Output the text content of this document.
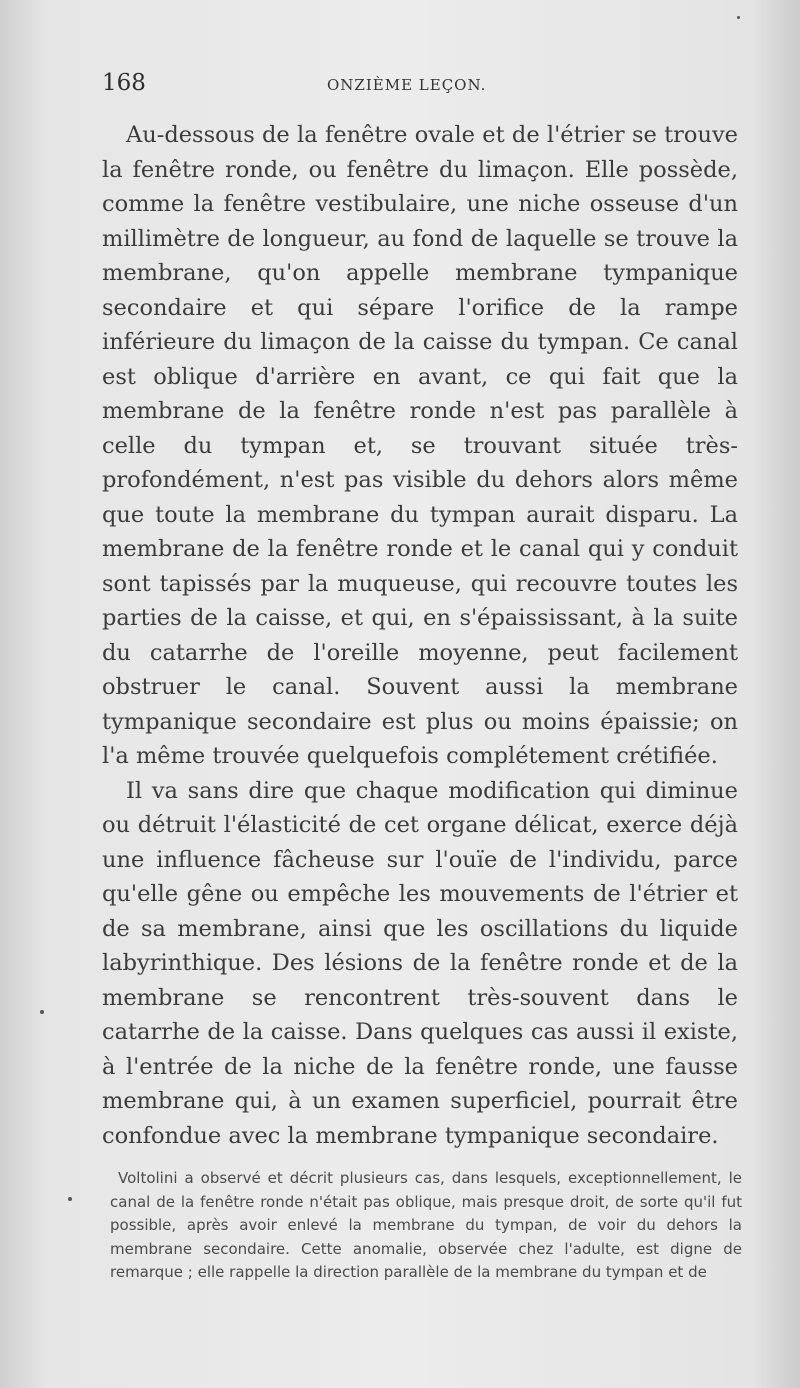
168	ONZIÈME LEÇON.

Au-dessous de la fenêtre ovale et de l'étrier se trouve la fenêtre ronde, ou fenêtre du limaçon. Elle possède, comme la fenêtre vestibulaire, une niche osseuse d'un millimètre de longueur, au fond de laquelle se trouve la membrane, qu'on appelle membrane tympanique secondaire et qui sépare l'orifice de la rampe inférieure du limaçon de la caisse du tympan. Ce canal est oblique d'arrière en avant, ce qui fait que la membrane de la fenêtre ronde n'est pas parallèle à celle du tympan et, se trouvant située très-profondément, n'est pas visible du dehors alors même que toute la membrane du tympan aurait disparu. La membrane de la fenêtre ronde et le canal qui y conduit sont tapissés par la muqueuse, qui recouvre toutes les parties de la caisse, et qui, en s'épaississant, à la suite du catarrhe de l'oreille moyenne, peut facilement obstruer le canal. Souvent aussi la membrane tympanique secondaire est plus ou moins épaissie; on l'a même trouvée quelquefois complétement crétifiée.

Il va sans dire que chaque modification qui diminue ou détruit l'élasticité de cet organe délicat, exerce déjà une influence fâcheuse sur l'ouïe de l'individu, parce qu'elle gêne ou empêche les mouvements de l'étrier et de sa membrane, ainsi que les oscillations du liquide labyrinthique. Des lésions de la fenêtre ronde et de la membrane se rencontrent très-souvent dans le catarrhe de la caisse. Dans quelques cas aussi il existe, à l'entrée de la niche de la fenêtre ronde, une fausse membrane qui, à un examen superficiel, pourrait être confondue avec la membrane tympanique secondaire.

Voltolini a observé et décrit plusieurs cas, dans lesquels, exceptionnellement, le canal de la fenêtre ronde n'était pas oblique, mais presque droit, de sorte qu'il fut possible, après avoir enlevé la membrane du tympan, de voir du dehors la membrane secondaire. Cette anomalie, observée chez l'adulte, est digne de remarque ; elle rappelle la direction parallèle de la membrane du tympan et de
